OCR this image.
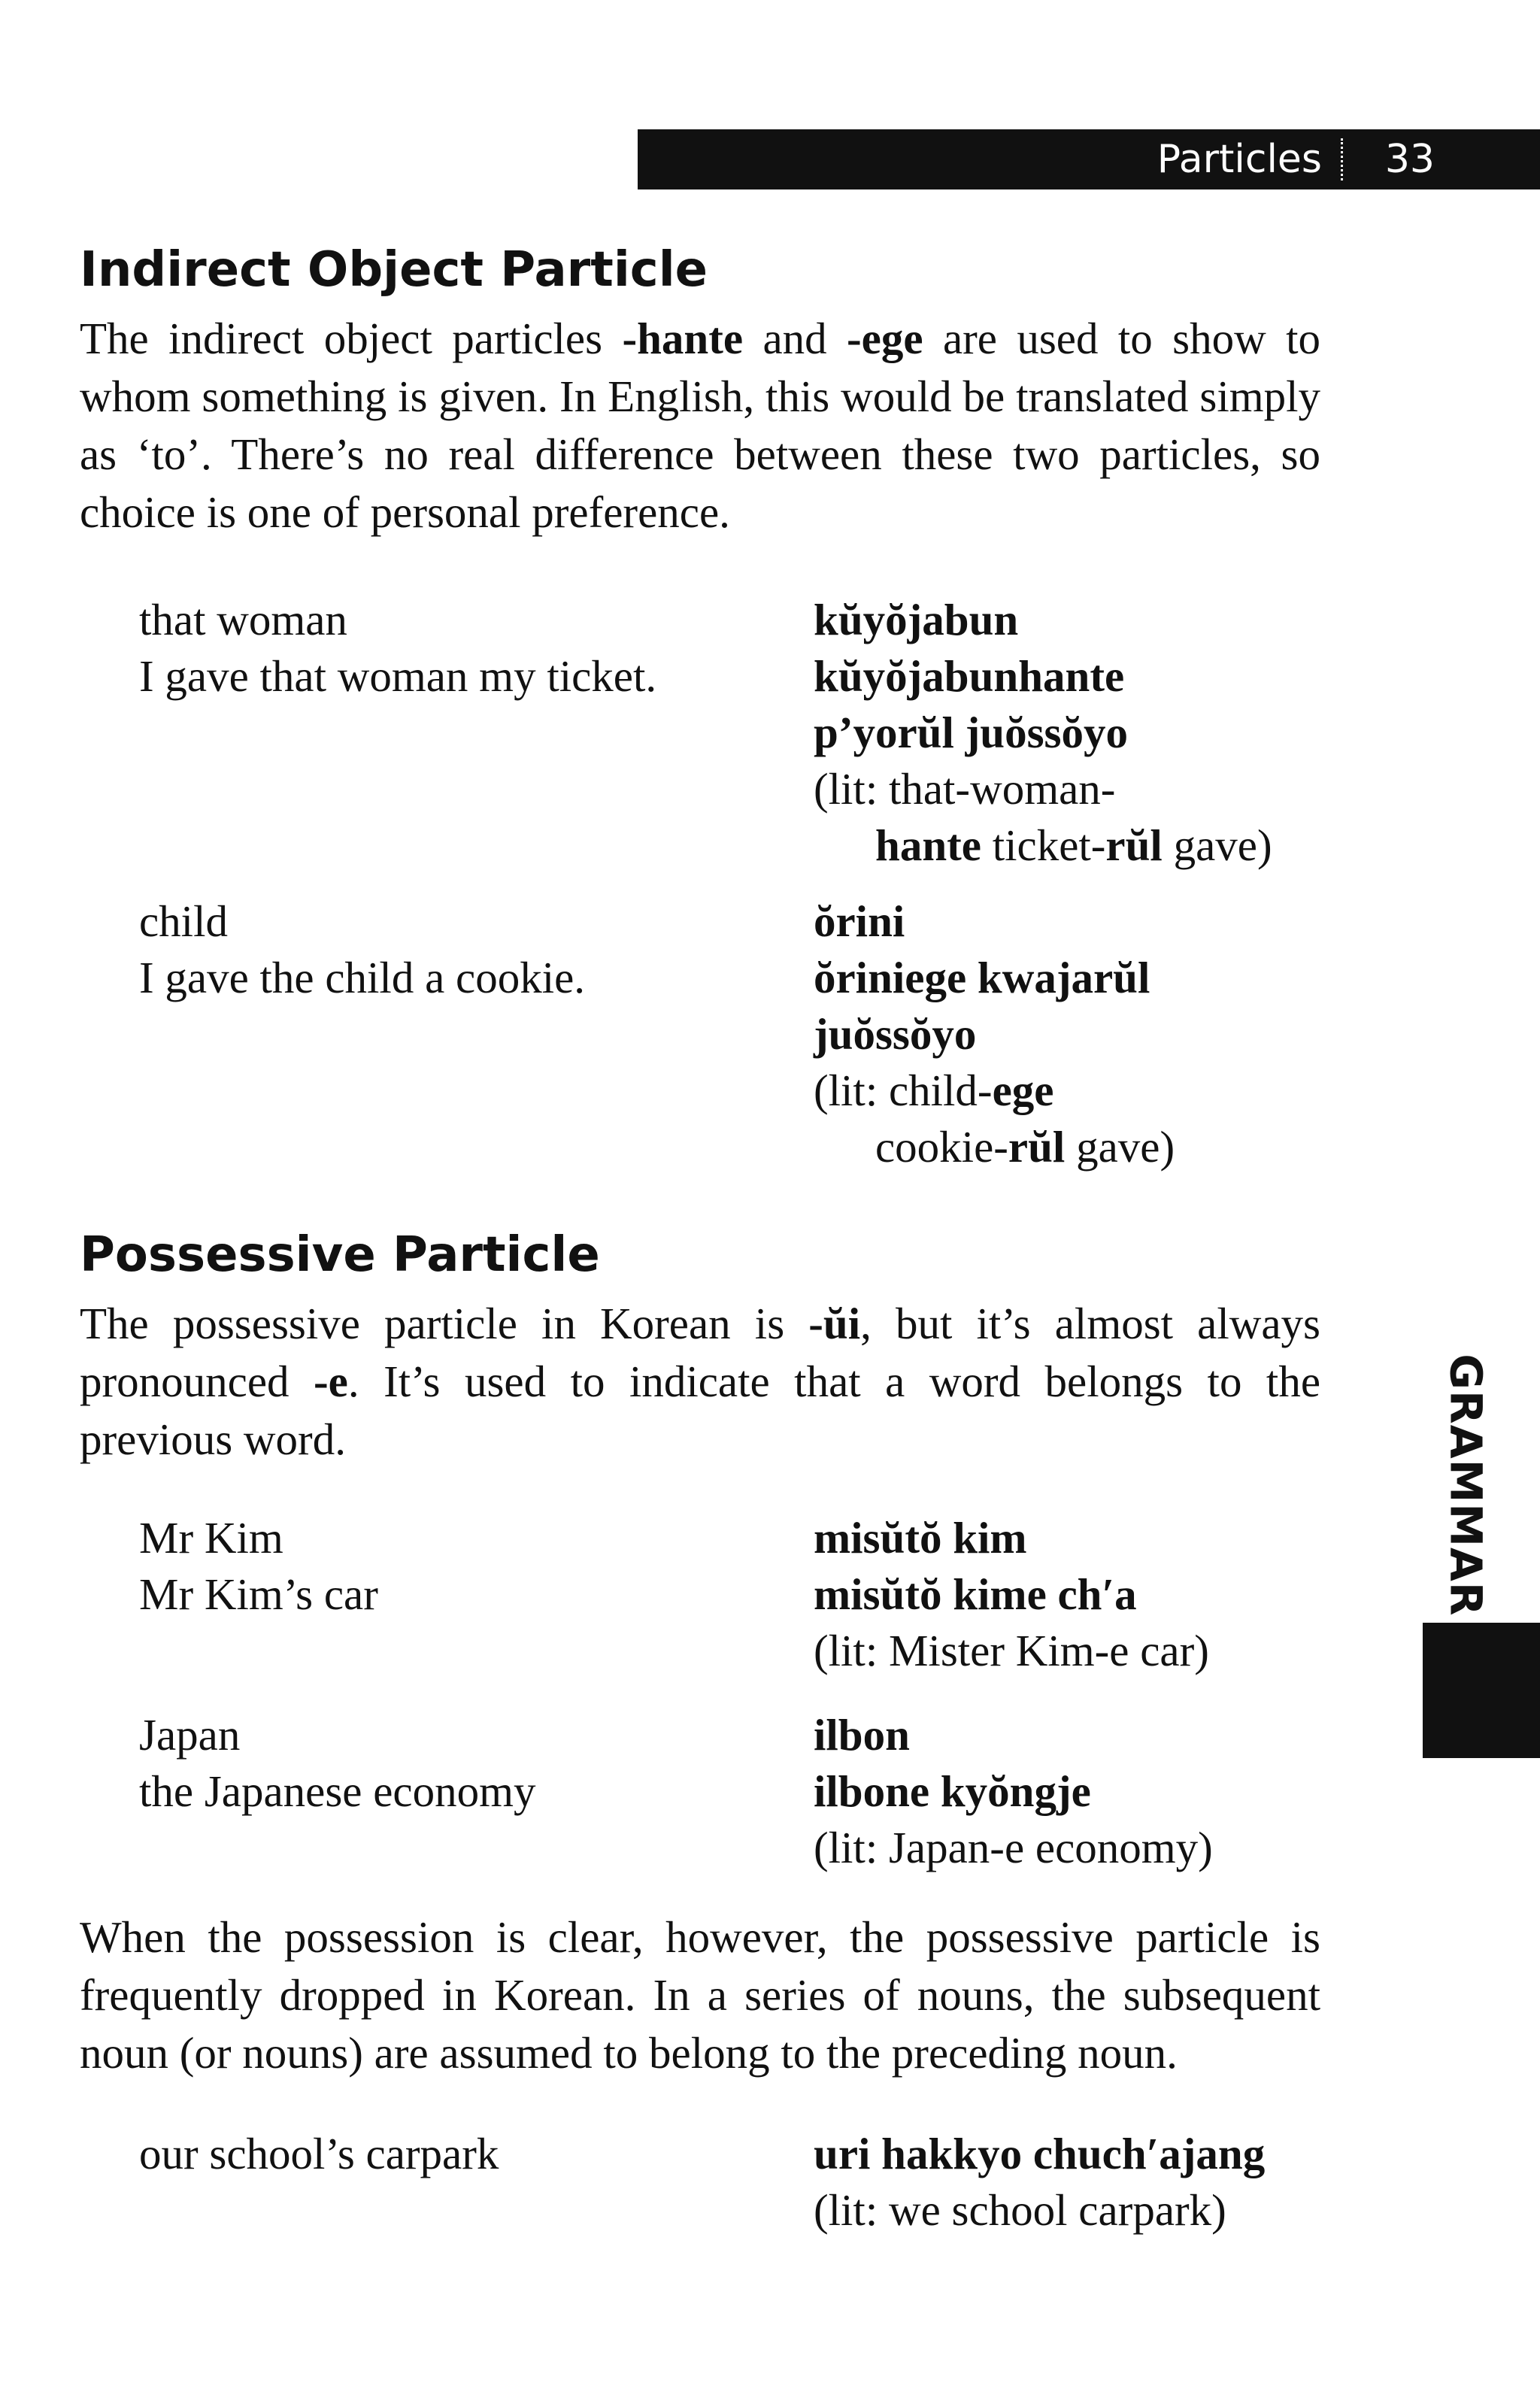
Particles 33
Indirect Object Particle

The indirect object particles -hante and -ege are used to show to whom something is given. In English, this would be translated simply as ‘to’. There’s no real difference between these two particles, so choice is one of personal preference.

that woman	kŭyŏjabun

I gave that woman my ticket.	kŭyŏjabunhante
p’yorŭl juŏssŏyo
(lit: that-woman-
hante ticket-rŭl gave)

child	ŏrini

I gave the child a cookie.	ŏriniege kwajarŭl
juŏssŏyo
(lit: child-ege
cookie-rŭl gave)
Possessive Particle

The possessive particle in Korean is -ŭi, but it’s almost always pronounced -e. It’s used to indicate that a word belongs to the previous word.

Mr Kim	misŭtŏ kim

Mr Kim’s car	misŭtŏ kime ch′a
(lit: Mister Kim-e car)

Japan	ilbon

the Japanese economy	ilbone kyŏngje
(lit: Japan-e economy)

When the possession is clear, however, the possessive particle is frequently dropped in Korean. In a series of nouns, the subsequent noun (or nouns) are assumed to belong to the preceding noun.

our school’s carpark	uri hakkyo chuch′ajang
(lit: we school carpark)
GRAMMAR
